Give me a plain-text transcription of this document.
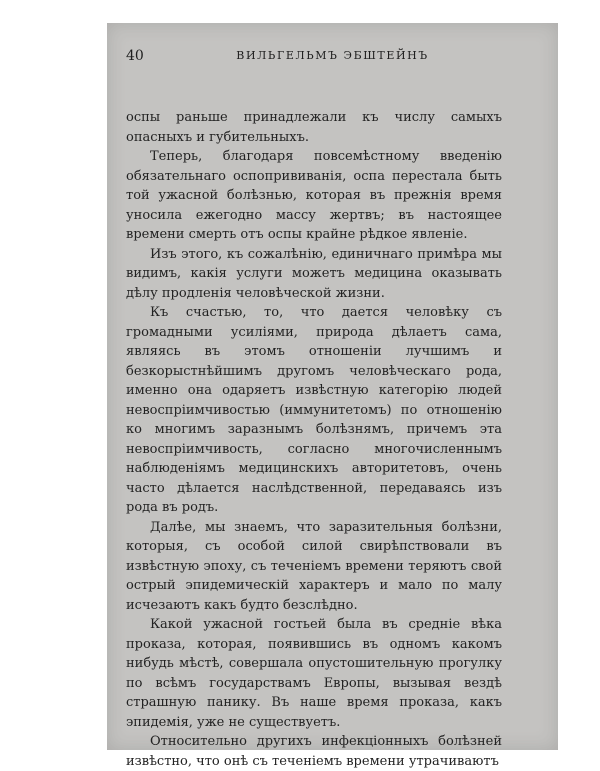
40	ВИЛЬГЕЛЬМЪ ЭБШТЕЙНЪ

оспы раньше принадлежали къ числу самыхъ опасныхъ и губительныхъ.

Теперь, благодаря повсемѣстному введенію обязательнаго оспопрививанія, оспа перестала быть той ужасной болѣзнью, которая въ прежнія время уносила ежегодно массу жертвъ; въ настоящее времени смерть отъ оспы крайне рѣдкое явленіе.

Изъ этого, къ сожалѣнію, единичнаго примѣра мы видимъ, какія услуги можетъ медицина оказывать дѣлу продленія человѣческой жизни.

Къ счастью, то, что дается человѣку съ громадными усиліями, природа дѣлаетъ сама, являясь въ этомъ отношеніи лучшимъ и безкорыстнѣйшимъ другомъ человѣческаго рода, именно она одаряетъ извѣстную категорію людей невоспріимчивостью (иммунитетомъ) по отношенію ко многимъ заразнымъ болѣзнямъ, причемъ эта невоспріимчивость, согласно многочисленнымъ наблюденіямъ медицинскихъ авторитетовъ, очень часто дѣлается наслѣдственной, передаваясь изъ рода въ родъ.

Далѣе, мы знаемъ, что заразительныя болѣзни, которыя, съ особой силой свирѣпствовали въ извѣстную эпоху, съ теченіемъ времени теряютъ свой острый эпидемическій характеръ и мало по малу исчезаютъ какъ будто безслѣдно.

Какой ужасной гостьей была въ средніе вѣка проказа, которая, появившись въ одномъ какомъ нибудь мѣстѣ, совершала опустошительную прогулку по всѣмъ государствамъ Европы, вызывая вездѣ страшную панику. Въ наше время проказа, какъ эпидемія, уже не существуетъ.

Относительно другихъ инфекціонныхъ болѣзней извѣстно, что онѣ съ теченіемъ времени утрачиваютъ
